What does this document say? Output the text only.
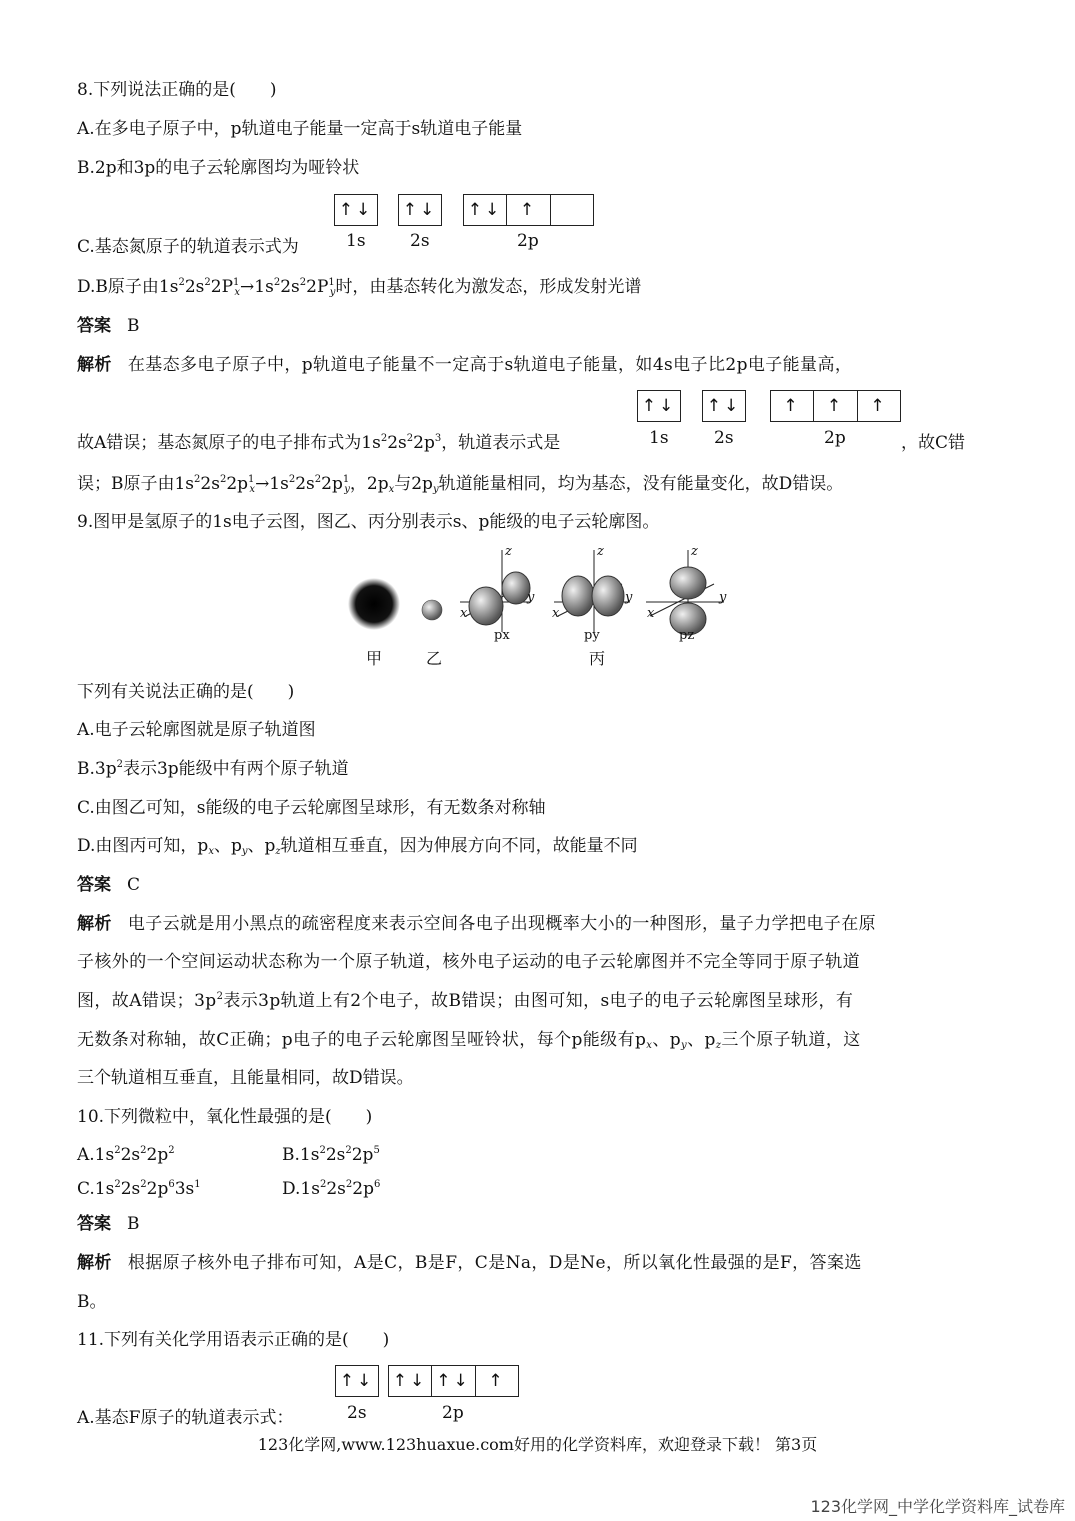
8.下列说法正确的是(　　)
A.在多电子原子中，p轨道电子能量一定高于s轨道电子能量
B.2p和3p的电子云轮廓图均为哑铃状
↑↓ ↑↓ ↑↓	↑
1s	2s	2p
C.基态氮原子的轨道表示式为
D.B原子由$1s^22s^22P^1_x\to 1s^22s^22P^1_y$时，由基态转化为激发态，形成发射光谱
答案 B
解析 在基态多电子原子中，p轨道电子能量不一定高于s轨道电子能量，如4s电子比2p电子能量高，
↑↓ ↑↓	↑	↑	↑
1s	2s	2p
故A错误；基态氮原子的电子排布式为$1s^22s^22p^3$，轨道表示式是	，故C错
误；B原子由$1s^22s^22p^1_x\to 1s^22s^22p^1_y$，$2p_x$与$2p_y$轨道能量相同，均为基态，没有能量变化，故D错误。
9.图甲是氢原子的1s电子云图，图乙、丙分别表示s、p能级的电子云轮廓图。
z	z	z
y	y	y
x	x	x
px	py	pz
甲	乙	丙
下列有关说法正确的是(　　)
A.电子云轮廓图就是原子轨道图
$B.3p^2$表示3p能级中有两个原子轨道
C.由图乙可知，s能级的电子云轮廓图呈球形，有无数条对称轴
D.由图丙可知，$p_x$、$p_y$、$p_z$轨道相互垂直，因为伸展方向不同，故能量不同
答案 C
解析 电子云就是用小黑点的疏密程度来表示空间各电子出现概率大小的一种图形，量子力学把电子在原
子核外的一个空间运动状态称为一个原子轨道，核外电子运动的电子云轮廓图并不完全等同于原子轨道
图，故A错误；$3p^2$表示3p轨道上有2个电子，故B错误；由图可知，s电子的电子云轮廓图呈球形，有
无数条对称轴，故C正确；p电子的电子云轮廓图呈哑铃状，每个p能级有$p_x$、$p_y$、$p_z$三个原子轨道，这
三个轨道相互垂直，且能量相同，故D错误。
10.下列微粒中，氧化性最强的是(　　)
$A.1s^22s^22p^2$	$B.1s^22s^22p^5$
$C.1s^22s^22p^63s^1$	$D.1s^22s^22p^6$
答案 B
解析 根据原子核外电子排布可知，A是C，B是F，C是Na，D是Ne，所以氧化性最强的是F，答案选
B。
11.下列有关化学用语表示正确的是(　　)
↑↓ ↑↓ ↑↓	↑
2s	2p
A.基态F原子的轨道表示式：
123化学网,www.123huaxue.com好用的化学资料库，欢迎登录下载！ 第3页
123化学网_中学化学资料库_试卷库
